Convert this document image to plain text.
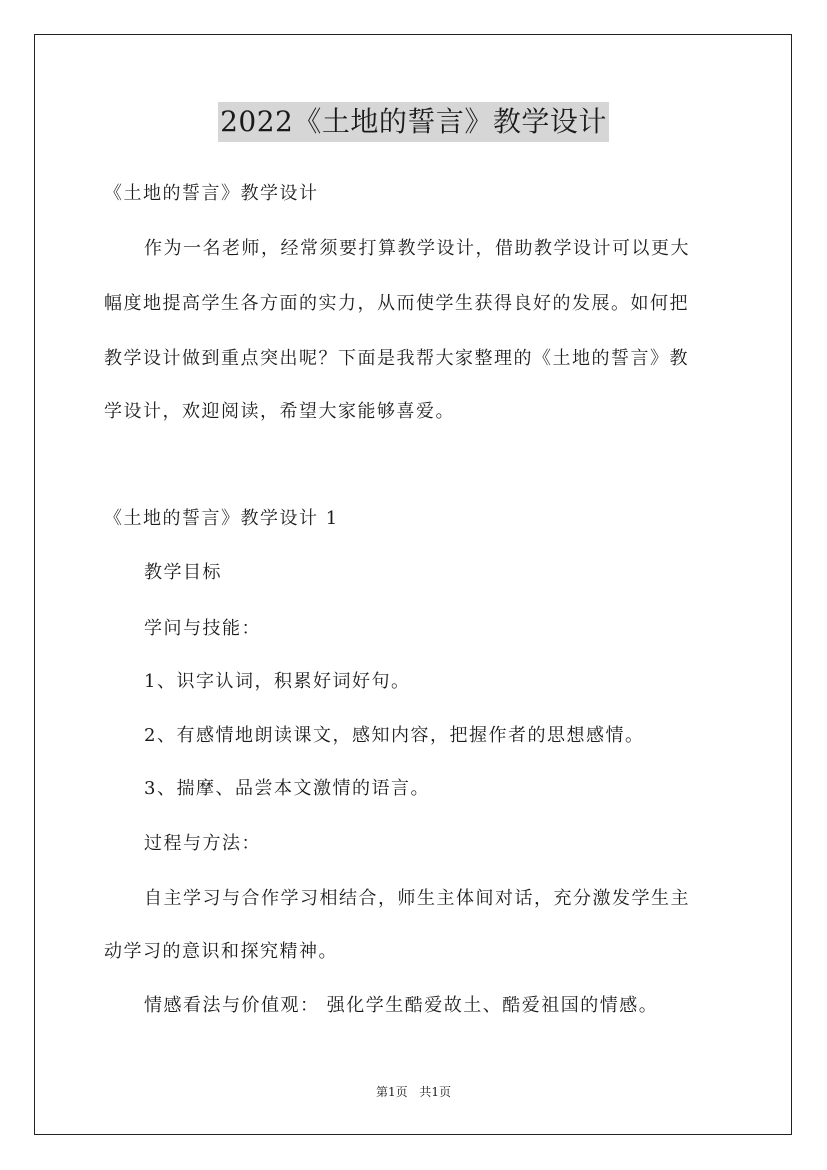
2022《土地的誓言》教学设计
《土地的誓言》教学设计
作为一名老师，经常须要打算教学设计，借助教学设计可以更大
幅度地提高学生各方面的实力，从而使学生获得良好的发展。如何把
教学设计做到重点突出呢？下面是我帮大家整理的《土地的誓言》教
学设计，欢迎阅读，希望大家能够喜爱。
《土地的誓言》教学设计 1
教学目标
学问与技能：
1、识字认词，积累好词好句。
2、有感情地朗读课文，感知内容，把握作者的思想感情。
3、揣摩、品尝本文激情的语言。
过程与方法：
自主学习与合作学习相结合，师生主体间对话，充分激发学生主
动学习的意识和探究精神。
情感看法与价值观： 强化学生酷爱故土、酷爱祖国的情感。
第1页 共1页
